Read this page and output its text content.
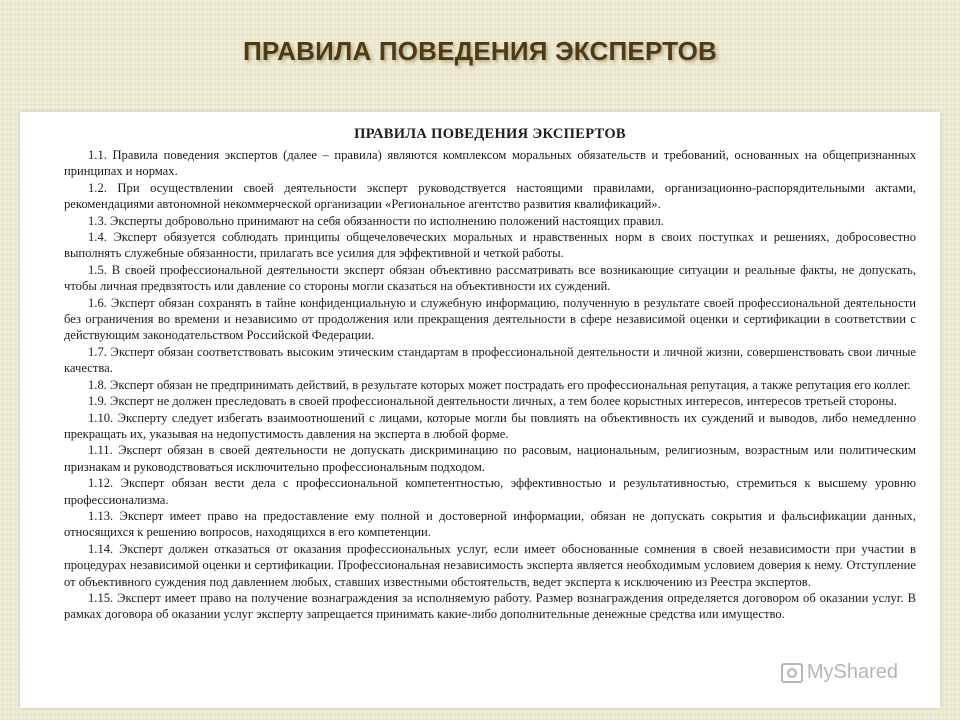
ПРАВИЛА ПОВЕДЕНИЯ ЭКСПЕРТОВ
ПРАВИЛА ПОВЕДЕНИЯ ЭКСПЕРТОВ

1.1. Правила поведения экспертов (далее – правила) являются комплексом моральных обязательств и требований, основанных на общепризнанных принципах и нормах.

1.2. При осуществлении своей деятельности эксперт руководствуется настоящими правилами, организационно-распорядительными актами, рекомендациями автономной некоммерческой организации «Региональное агентство развития квалификаций».

1.3. Эксперты добровольно принимают на себя обязанности по исполнению положений настоящих правил.

1.4. Эксперт обязуется соблюдать принципы общечеловеческих моральных и нравственных норм в своих поступках и решениях, добросовестно выполнять служебные обязанности, прилагать все усилия для эффективной и четкой работы.

1.5. В своей профессиональной деятельности эксперт обязан объективно рассматривать все возникающие ситуации и реальные факты, не допускать, чтобы личная предвзятость или давление со стороны могли сказаться на объективности их суждений.

1.6. Эксперт обязан сохранять в тайне конфиденциальную и служебную информацию, полученную в результате своей профессиональной деятельности без ограничения во времени и независимо от продолжения или прекращения деятельности в сфере независимой оценки и сертификации в соответствии с действующим законодательством Российской Федерации.

1.7. Эксперт обязан соответствовать высоким этическим стандартам в профессиональной деятельности и личной жизни, совершенствовать свои личные качества.

1.8. Эксперт обязан не предпринимать действий, в результате которых может пострадать его профессиональная репутация, а также репутация его коллег.

1.9. Эксперт не должен преследовать в своей профессиональной деятельности личных, а тем более корыстных интересов, интересов третьей стороны.

1.10. Эксперту следует избегать взаимоотношений с лицами, которые могли бы повлиять на объективность их суждений и выводов, либо немедленно прекращать их, указывая на недопустимость давления на эксперта в любой форме.

1.11. Эксперт обязан в своей деятельности не допускать дискриминацию по расовым, национальным, религиозным, возрастным или политическим признакам и руководствоваться исключительно профессиональным подходом.

1.12. Эксперт обязан вести дела с профессиональной компетентностью, эффективностью и результативностью, стремиться к высшему уровню профессионализма.

1.13. Эксперт имеет право на предоставление ему полной и достоверной информации, обязан не допускать сокрытия и фальсификации данных, относящихся к решению вопросов, находящихся в его компетенции.

1.14. Эксперт должен отказаться от оказания профессиональных услуг, если имеет обоснованные сомнения в своей независимости при участии в процедурах независимой оценки и сертификации. Профессиональная независимость эксперта является необходимым условием доверия к нему. Отступление от объективного суждения под давлением любых, ставших известными обстоятельств, ведет эксперта к исключению из Реестра экспертов.

1.15. Эксперт имеет право на получение вознаграждения за исполняемую работу. Размер вознаграждения определяется договором об оказании услуг. В рамках договора об оказании услуг эксперту запрещается принимать какие-либо дополнительные денежные средства или имущество.

MyShared
